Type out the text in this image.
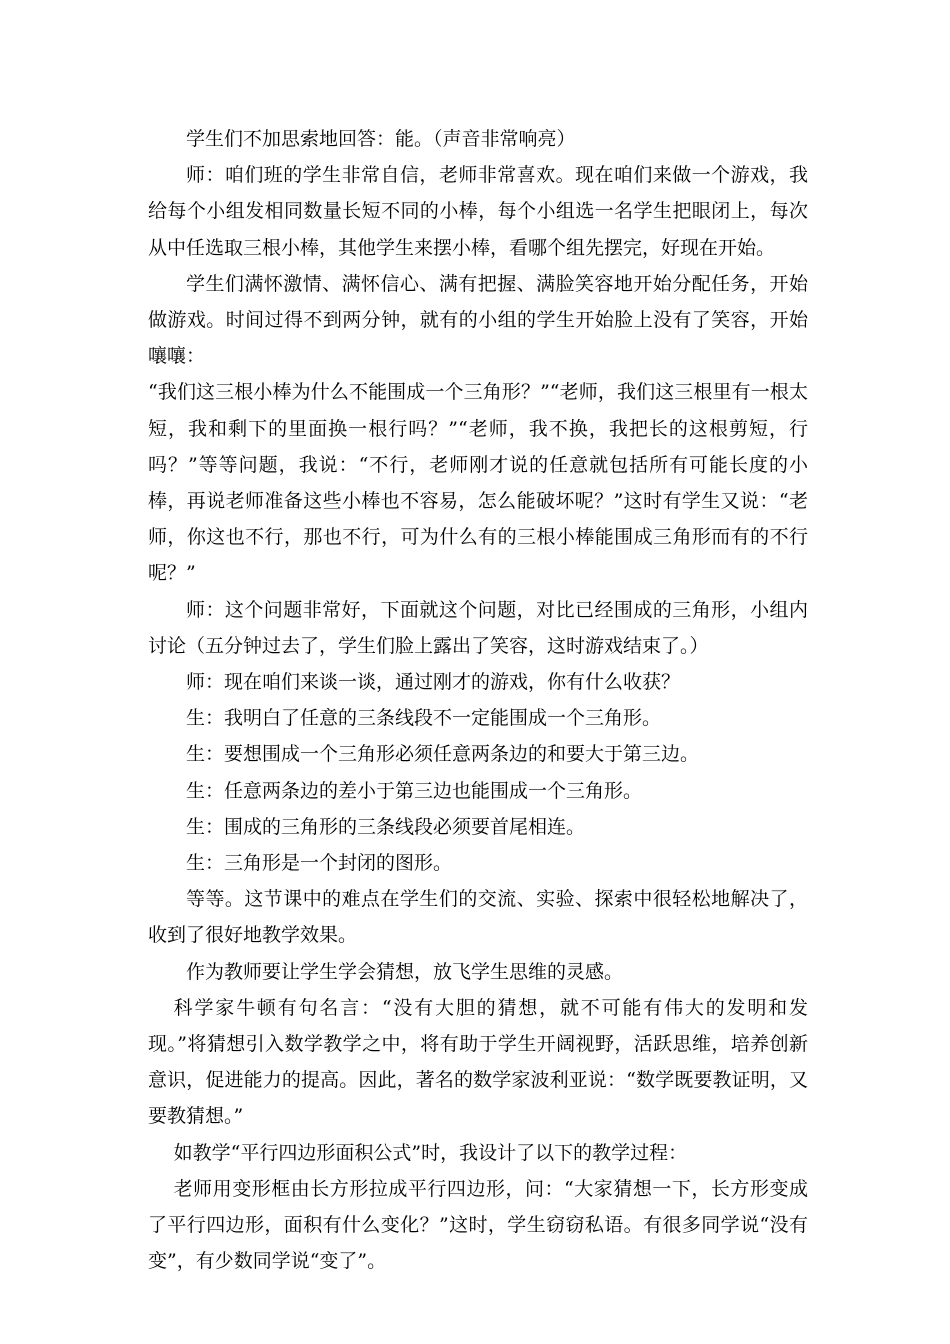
学生们不加思索地回答：能。（声音非常响亮）

师：咱们班的学生非常自信，老师非常喜欢。现在咱们来做一个游戏，我给每个小组发相同数量长短不同的小棒，每个小组选一名学生把眼闭上，每次从中任选取三根小棒，其他学生来摆小棒，看哪个组先摆完，好现在开始。

学生们满怀激情、满怀信心、满有把握、满脸笑容地开始分配任务，开始做游戏。时间过得不到两分钟，就有的小组的学生开始脸上没有了笑容，开始嚷嚷：

“我们这三根小棒为什么不能围成一个三角形？”“老师，我们这三根里有一根太短，我和剩下的里面换一根行吗？”“老师，我不换，我把长的这根剪短，行吗？”等等问题，我说：“不行，老师刚才说的任意就包括所有可能长度的小棒，再说老师准备这些小棒也不容易，怎么能破坏呢？”这时有学生又说：“老师，你这也不行，那也不行，可为什么有的三根小棒能围成三角形而有的不行呢？”

师：这个问题非常好，下面就这个问题，对比已经围成的三角形，小组内讨论（五分钟过去了，学生们脸上露出了笑容，这时游戏结束了。）

师：现在咱们来谈一谈，通过刚才的游戏，你有什么收获？

生：我明白了任意的三条线段不一定能围成一个三角形。

生：要想围成一个三角形必须任意两条边的和要大于第三边。

生：任意两条边的差小于第三边也能围成一个三角形。

生：围成的三角形的三条线段必须要首尾相连。

生：三角形是一个封闭的图形。

等等。这节课中的难点在学生们的交流、实验、探索中很轻松地解决了，收到了很好地教学效果。

作为教师要让学生学会猜想，放飞学生思维的灵感。

科学家牛顿有句名言：“没有大胆的猜想，就不可能有伟大的发明和发现。”将猜想引入数学教学之中，将有助于学生开阔视野，活跃思维，培养创新意识，促进能力的提高。因此，著名的数学家波利亚说：“数学既要教证明，又要教猜想。”

如教学“平行四边形面积公式”时，我设计了以下的教学过程：

老师用变形框由长方形拉成平行四边形，问：“大家猜想一下，长方形变成了平行四边形，面积有什么变化？”这时，学生窃窃私语。有很多同学说“没有变”，有少数同学说“变了”。
